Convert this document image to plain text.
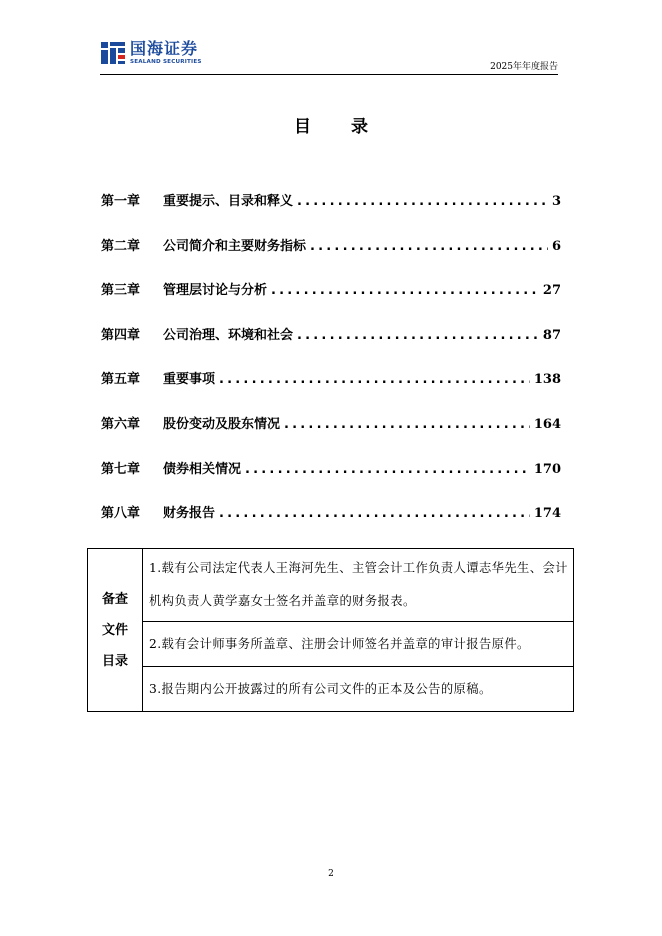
国海证券
SEALAND SECURITIES	2025年年度报告
目 录
第一章	重要提示、目录和释义 .....	3
第二章	公司简介和主要财务指标 .....	6
第三章	管理层讨论与分析 .....	27
第四章	公司治理、环境和社会 .....	87
第五章	重要事项 .....	138
第六章	股份变动及股东情况 .....	164
第七章	债券相关情况 .....	170
第八章	财务报告 .....	174
备查
文件
目录
	1.载有公司法定代表人王海河先生、主管会计工作负责人谭志华先生、会计机构负责人黄学嘉女士签名并盖章的财务报表。
2.载有会计师事务所盖章、注册会计师签名并盖章的审计报告原件。
3.报告期内公开披露过的所有公司文件的正本及公告的原稿。
2
